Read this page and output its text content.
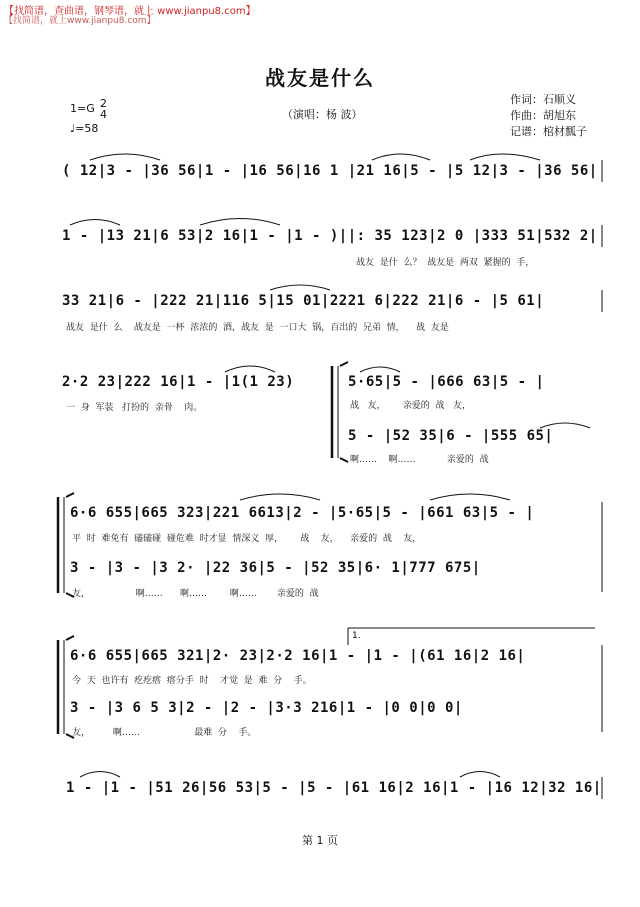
【找简谱，查曲谱，钢琴谱，就上 www.jianpu8.com】
【找简谱，就上www.jianpu8.com】
战友是什么
（演唱：杨 波）
作词：石顺义
作曲：胡旭东
记谱：棺材瓢子
1=G 2
4
♩=58
( 12|3 - |36 56|1 - |16 56|16 1 |21 16|5 - |5 12|3 - |36 56|
1 - |13 21|6 53|2 16|1 - |1 - )||: 35 123|2 0 |333 51|532 2|
战友  是什  么？  战友是  两双  紧握的  手，
33 21|6 - |222 21|116 5|15 01|2221 6|222 21|6 - |5 61|
战友  是什  么    战友是  一杯  浓浓的  酒，战友  是  一口大  锅，百出的  兄弟  情，    战  友是
2·2 23|222 16|1 - |1(1 23)
一  身  军装   打扮的  亲骨    肉。
5·65|5 - |666 63|5 - |
战   友，      亲爱的  战   友，
5 - |52 35|6 - |555 65|
啊……    啊……           亲爱的  战
6·6 655|665 323|221 6613|2 - |5·65|5 - |661 63|5 - |
平  时  难免有  磕磕碰  碰危难  时才显  情深义  厚，      战    友，    亲爱的  战    友，
3 - |3 - |3 2· |22 36|5 - |52 35|6· 1|777 675|
友，                啊……      啊……        啊……       亲爱的  战
6·6 655|665 321|2· 23|2·2 16|1 - |1 - |(61 16|2 16|
今  天  也许有  疙疙瘩  瘩分手  时    才觉  是  难  分    手。
3 - |3 6 5 3|2 - |2 - |3·3 216|1 - |0 0|0 0|
友，        啊……                   最难  分    手。
1 - |1 - |51 26|56 53|5 - |5 - |61 16|2 16|1 - |16 12|32 16|
第 1 页
1.
